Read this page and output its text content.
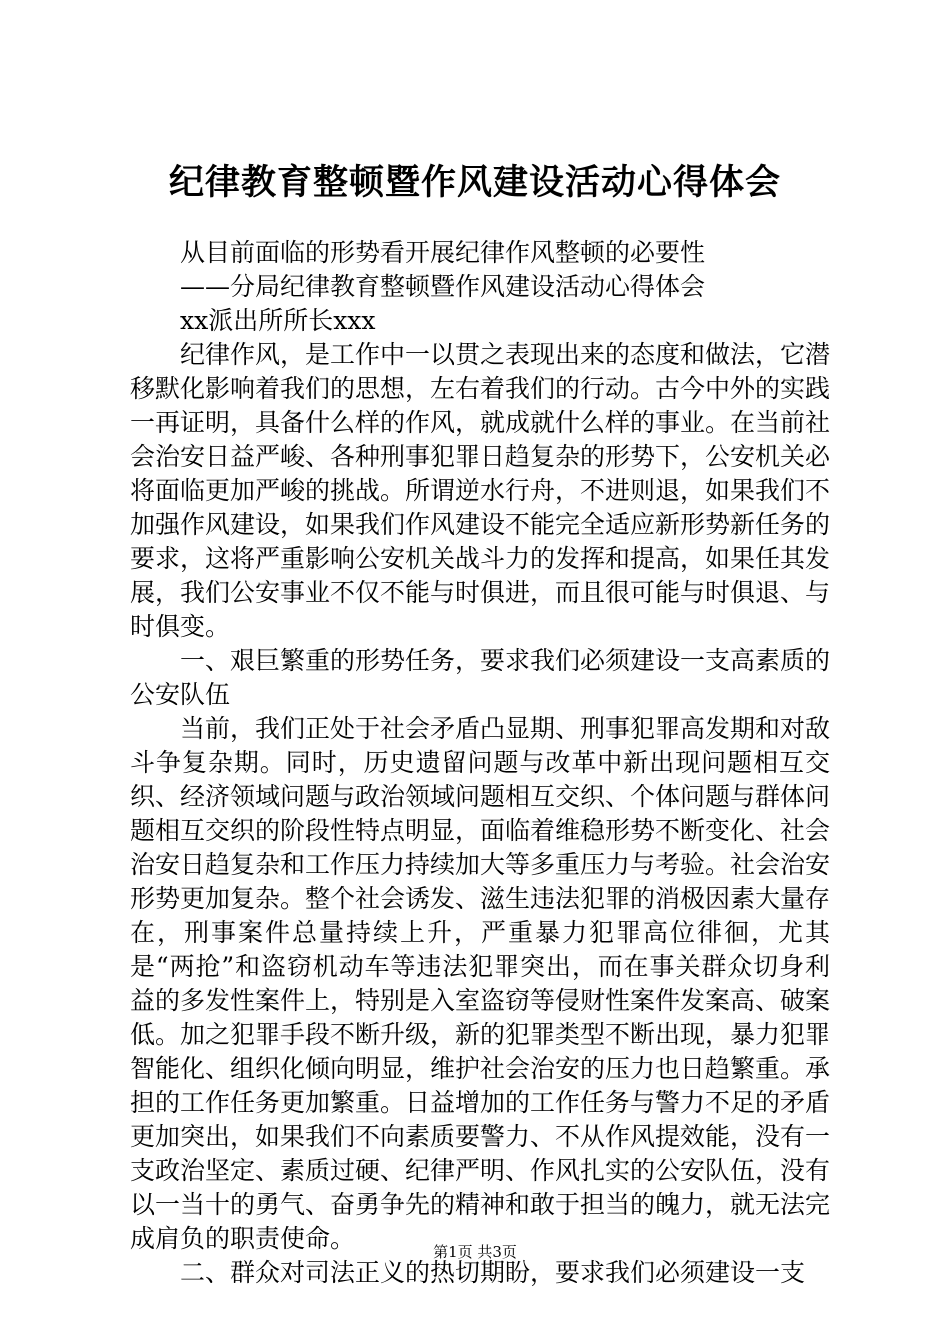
纪律教育整顿暨作风建设活动心得体会

从目前面临的形势看开展纪律作风整顿的必要性

——分局纪律教育整顿暨作风建设活动心得体会

xx派出所所长xxx

纪律作风，是工作中一以贯之表现出来的态度和做法，它潜移默化影响着我们的思想，左右着我们的行动。古今中外的实践一再证明，具备什么样的作风，就成就什么样的事业。在当前社会治安日益严峻、各种刑事犯罪日趋复杂的形势下，公安机关必将面临更加严峻的挑战。所谓逆水行舟，不进则退，如果我们不加强作风建设，如果我们作风建设不能完全适应新形势新任务的要求，这将严重影响公安机关战斗力的发挥和提高，如果任其发展，我们公安事业不仅不能与时俱进，而且很可能与时俱退、与时俱变。

一、艰巨繁重的形势任务，要求我们必须建设一支高素质的公安队伍

当前，我们正处于社会矛盾凸显期、刑事犯罪高发期和对敌斗争复杂期。同时，历史遗留问题与改革中新出现问题相互交织、经济领域问题与政治领域问题相互交织、个体问题与群体问题相互交织的阶段性特点明显，面临着维稳形势不断变化、社会治安日趋复杂和工作压力持续加大等多重压力与考验。社会治安形势更加复杂。整个社会诱发、滋生违法犯罪的消极因素大量存在，刑事案件总量持续上升，严重暴力犯罪高位徘徊，尤其是“两抢”和盗窃机动车等违法犯罪突出，而在事关群众切身利益的多发性案件上，特别是入室盗窃等侵财性案件发案高、破案低。加之犯罪手段不断升级，新的犯罪类型不断出现，暴力犯罪智能化、组织化倾向明显，维护社会治安的压力也日趋繁重。承担的工作任务更加繁重。日益增加的工作任务与警力不足的矛盾更加突出，如果我们不向素质要警力、不从作风提效能，没有一支政治坚定、素质过硬、纪律严明、作风扎实的公安队伍，没有以一当十的勇气、奋勇争先的精神和敢于担当的魄力，就无法完成肩负的职责使命。

二、群众对司法正义的热切期盼，要求我们必须建设一支

第1页 共3页
